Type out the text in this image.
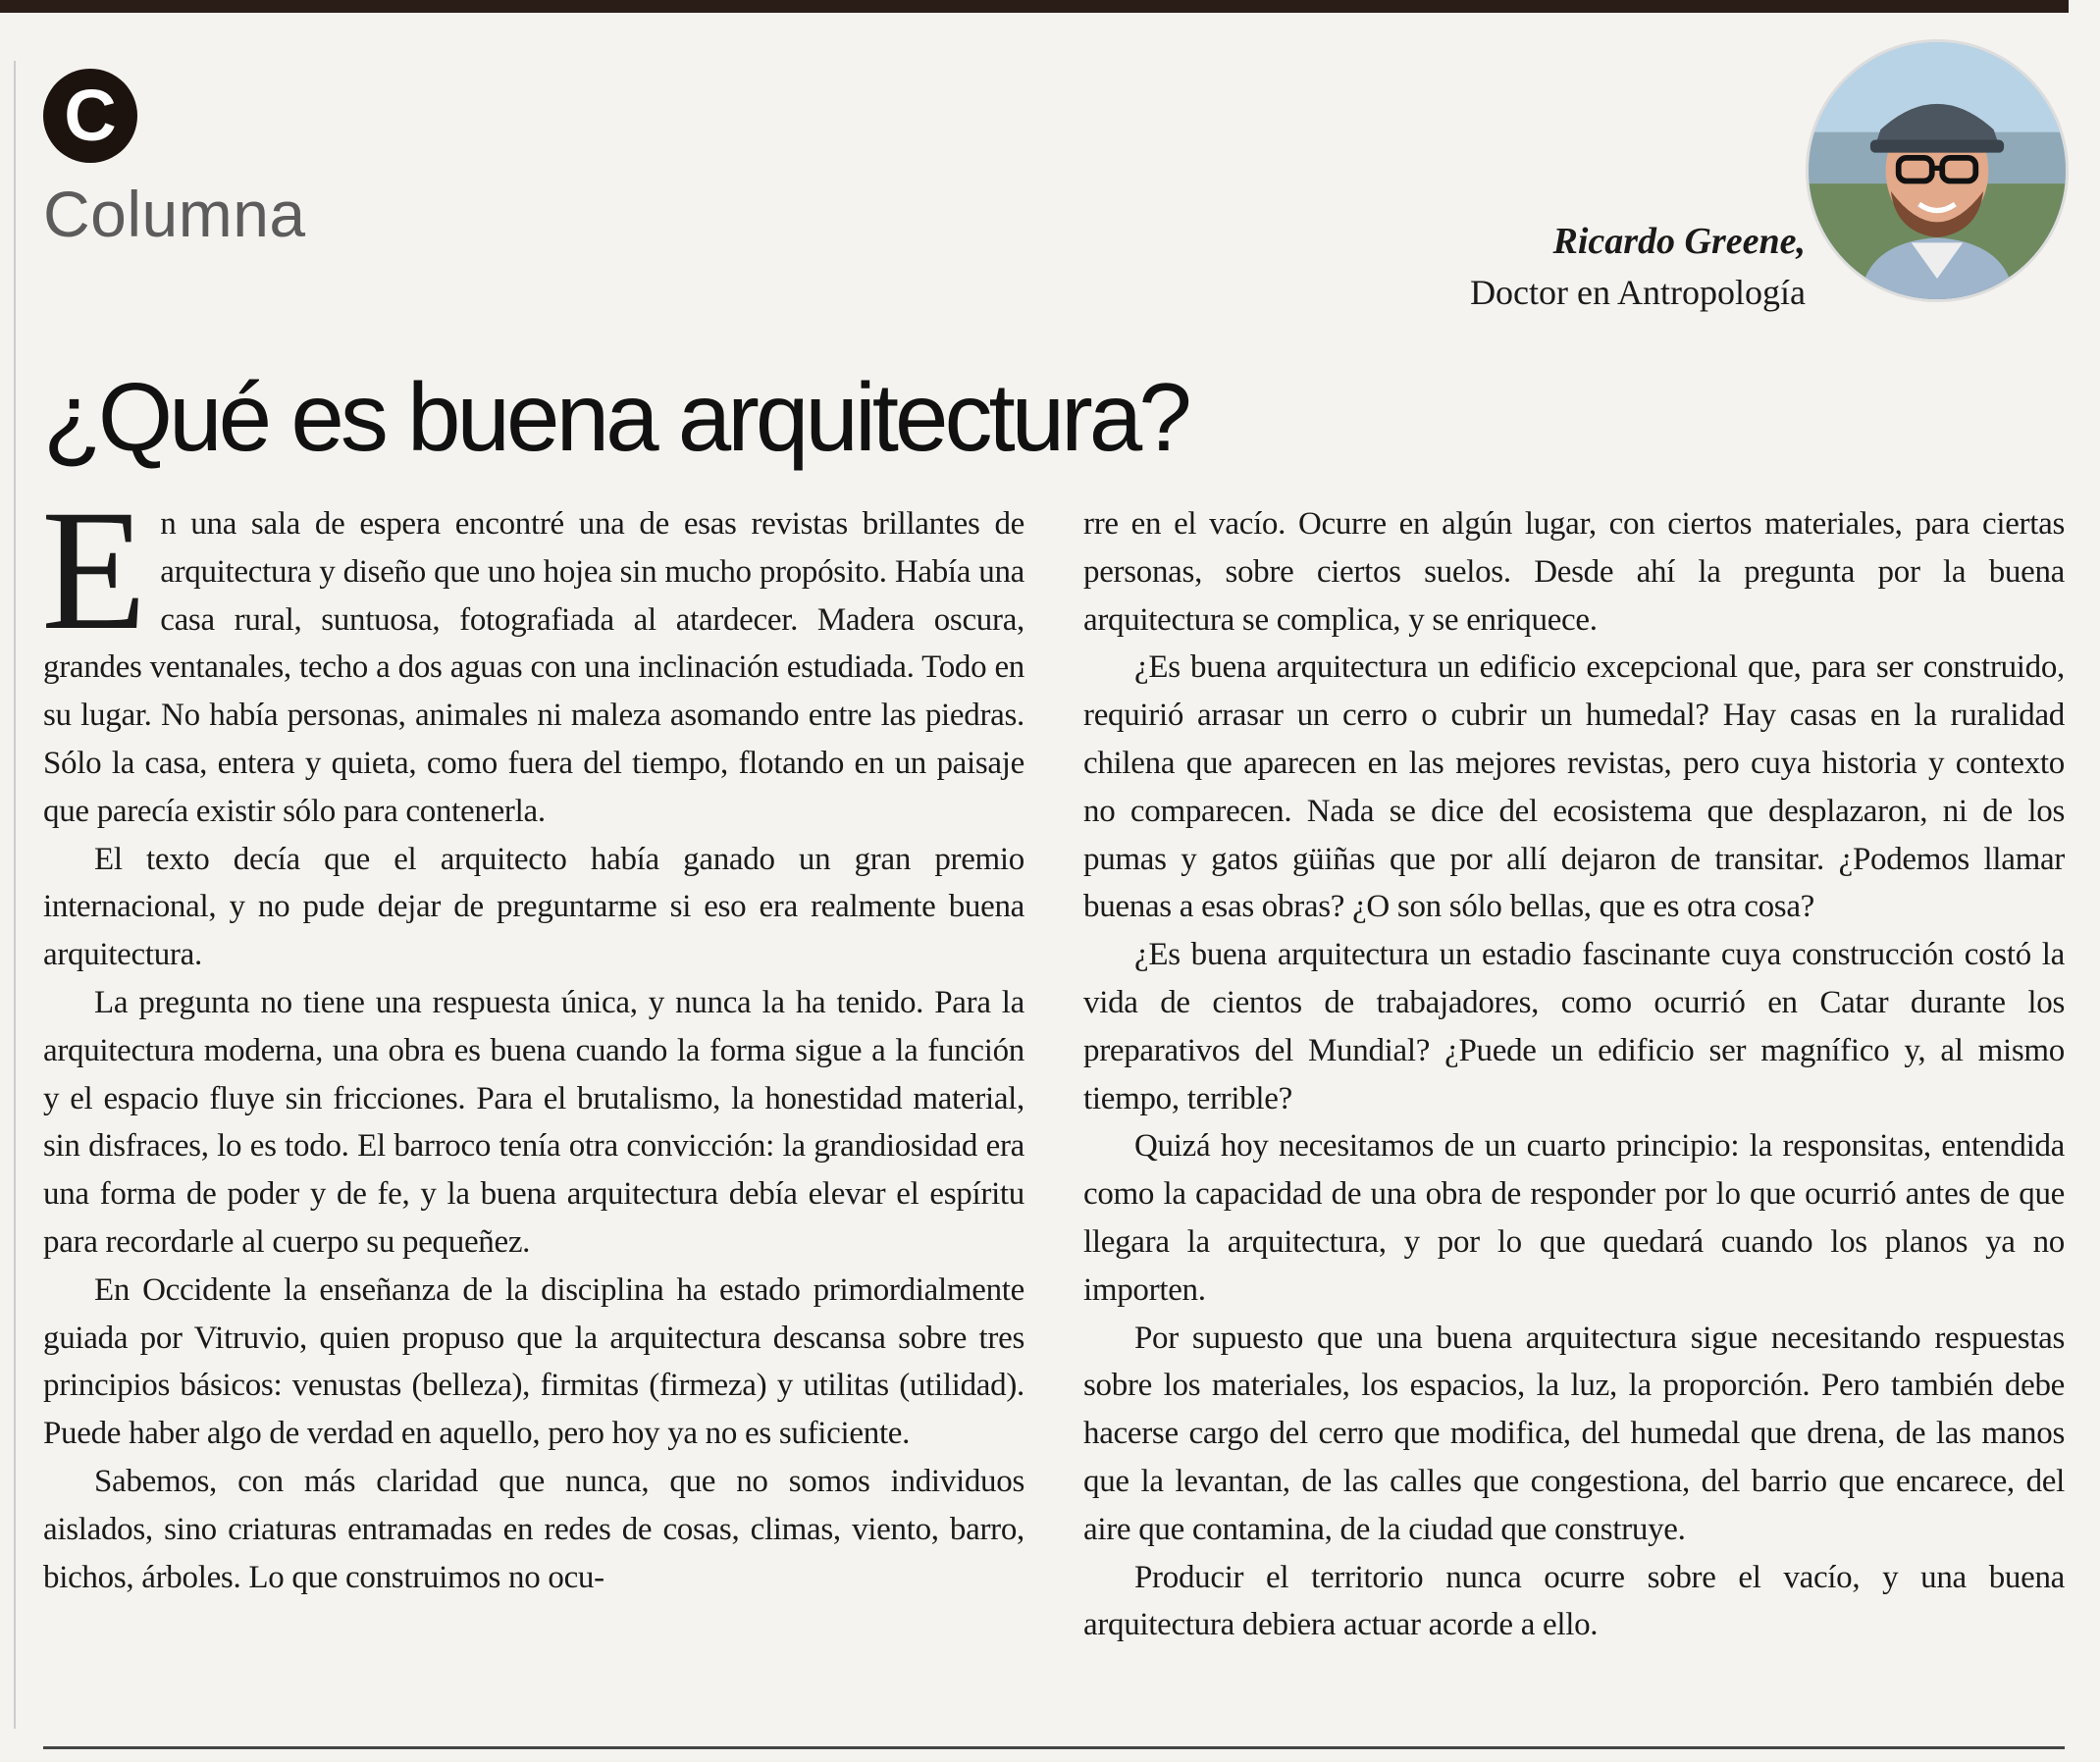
C
Columna	Ricardo Greene,
Doctor en Antropología
¿Qué es buena arquitectura?

En una sala de espera encontré una de esas revistas brillantes de arquitectura y diseño que uno hojea sin mucho propósito. Había una casa rural, suntuosa, fotografiada al atardecer. Madera oscura, grandes ventanales, techo a dos aguas con una inclinación estudiada. Todo en su lugar. No había personas, animales ni maleza asomando entre las piedras. Sólo la casa, entera y quieta, como fuera del tiempo, flotando en un paisaje que parecía existir sólo para contenerla.

El texto decía que el arquitecto había ganado un gran premio internacional, y no pude dejar de preguntarme si eso era realmente buena arquitectura.

La pregunta no tiene una respuesta única, y nunca la ha tenido. Para la arquitectura moderna, una obra es buena cuando la forma sigue a la función y el espacio fluye sin fricciones. Para el brutalismo, la honestidad material, sin disfraces, lo es todo. El barroco tenía otra convicción: la grandiosidad era una forma de poder y de fe, y la buena arquitectura debía elevar el espíritu para recordarle al cuerpo su pequeñez.

En Occidente la enseñanza de la disciplina ha estado primordialmente guiada por Vitruvio, quien propuso que la arquitectura descansa sobre tres principios básicos: venustas (belleza), firmitas (firmeza) y utilitas (utilidad). Puede haber algo de verdad en aquello, pero hoy ya no es suficiente.

Sabemos, con más claridad que nunca, que no somos individuos aislados, sino criaturas entramadas en redes de cosas, climas, viento, barro, bichos, árboles. Lo que construimos no ocu-

rre en el vacío. Ocurre en algún lugar, con ciertos materiales, para ciertas personas, sobre ciertos suelos. Desde ahí la pregunta por la buena arquitectura se complica, y se enriquece.

¿Es buena arquitectura un edificio excepcional que, para ser construido, requirió arrasar un cerro o cubrir un humedal? Hay casas en la ruralidad chilena que aparecen en las mejores revistas, pero cuya historia y contexto no comparecen. Nada se dice del ecosistema que desplazaron, ni de los pumas y gatos güiñas que por allí dejaron de transitar. ¿Podemos llamar buenas a esas obras? ¿O son sólo bellas, que es otra cosa?

¿Es buena arquitectura un estadio fascinante cuya construcción costó la vida de cientos de trabajadores, como ocurrió en Catar durante los preparativos del Mundial? ¿Puede un edificio ser magnífico y, al mismo tiempo, terrible?

Quizá hoy necesitamos de un cuarto principio: la responsitas, entendida como la capacidad de una obra de responder por lo que ocurrió antes de que llegara la arquitectura, y por lo que quedará cuando los planos ya no importen.

Por supuesto que una buena arquitectura sigue necesitando respuestas sobre los materiales, los espacios, la luz, la proporción. Pero también debe hacerse cargo del cerro que modifica, del humedal que drena, de las manos que la levantan, de las calles que congestiona, del barrio que encarece, del aire que contamina, de la ciudad que construye.

Producir el territorio nunca ocurre sobre el vacío, y una buena arquitectura debiera actuar acorde a ello.
